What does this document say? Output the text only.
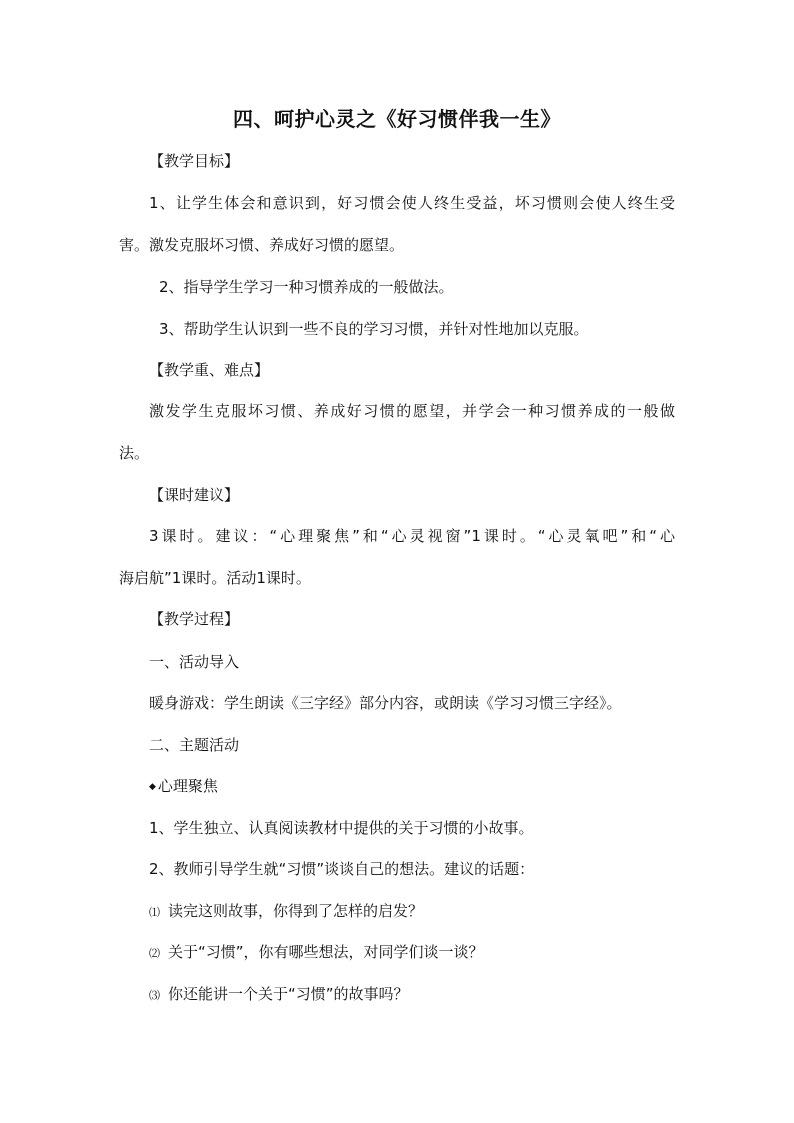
四、呵护心灵之《好习惯伴我一生》
【教学目标】
1、让学生体会和意识到，好习惯会使人终生受益，坏习惯则会使人终生受
害。激发克服坏习惯、养成好习惯的愿望。
2、指导学生学习一种习惯养成的一般做法。
3、帮助学生认识到一些不良的学习习惯，并针对性地加以克服。
【教学重、难点】
激发学生克服坏习惯、养成好习惯的愿望，并学会一种习惯养成的一般做
法。
【课时建议】
3课时。建议：“心理聚焦”和“心灵视窗”1课时。“心灵氧吧”和“心
海启航”1课时。活动1课时。
【教学过程】
一、活动导入
暖身游戏：学生朗读《三字经》部分内容，或朗读《学习习惯三字经》。
二、主题活动
◆ 心理聚焦
1、学生独立、认真阅读教材中提供的关于习惯的小故事。
2、教师引导学生就“习惯”谈谈自己的想法。建议的话题：
⑴ 读完这则故事，你得到了怎样的启发？
⑵ 关于“习惯”，你有哪些想法，对同学们谈一谈？
⑶ 你还能讲一个关于“习惯”的故事吗？
